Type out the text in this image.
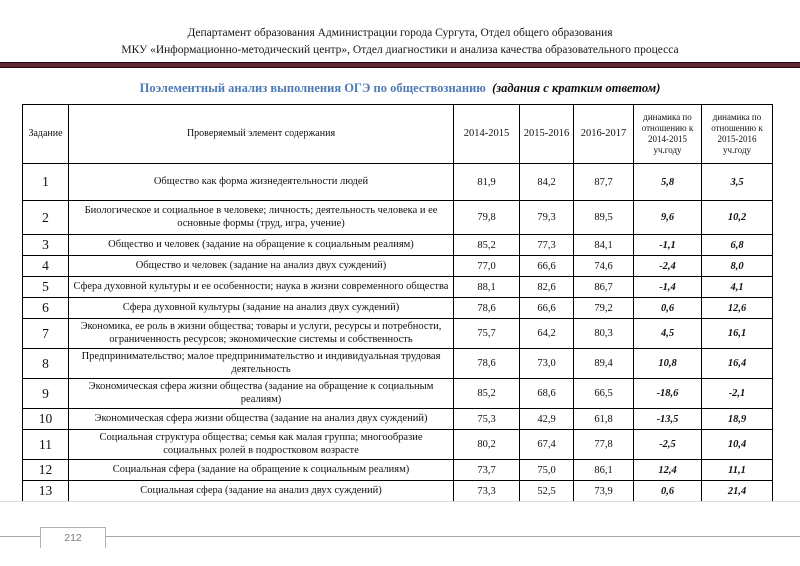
Департамент образования Администрации города Сургута, Отдел общего образования
МКУ «Информационно-методический центр», Отдел диагностики и анализа качества образовательного процесса
Поэлементный анализ выполнения ОГЭ по обществознанию (задания с кратким ответом)
Задание	Проверяемый элемент содержания	2014-2015	2015-2016	2016-2017	динамика по отношению к 2014-2015 уч.году	динамика по отношению к 2015-2016 уч.году
1	Общество как форма жизнедеятельности людей	81,9	84,2	87,7	5,8	3,5
2	Биологическое и социальное в человеке; личность; деятельность человека и ее основные формы (труд, игра, учение)	79,8	79,3	89,5	9,6	10,2
3	Общество и человек (задание на обращение к социальным реалиям)	85,2	77,3	84,1	-1,1	6,8
4	Общество и человек (задание на анализ двух суждений)	77,0	66,6	74,6	-2,4	8,0
5	Сфера духовной культуры и ее особенности; наука в жизни современного общества	88,1	82,6	86,7	-1,4	4,1
6	Сфера духовной культуры (задание на анализ двух суждений)	78,6	66,6	79,2	0,6	12,6
7	Экономика, ее роль в жизни общества; товары и услуги, ресурсы и потребности, ограниченность ресурсов; экономические системы и собственность	75,7	64,2	80,3	4,5	16,1
8	Предпринимательство; малое предпринимательство и индивидуальная трудовая деятельность	78,6	73,0	89,4	10,8	16,4
9	Экономическая сфера жизни общества (задание на обращение к социальным реалиям)	85,2	68,6	66,5	-18,6	-2,1
10	Экономическая сфера жизни общества (задание на анализ двух суждений)	75,3	42,9	61,8	-13,5	18,9
11	Социальная структура общества; семья как малая группа; многообразие социальных ролей в подростковом возрасте	80,2	67,4	77,8	-2,5	10,4
12	Социальная сфера (задание на обращение к социальным реалиям)	73,7	75,0	86,1	12,4	11,1
13	Социальная сфера (задание на анализ двух суждений)	73,3	52,5	73,9	0,6	21,4
212
